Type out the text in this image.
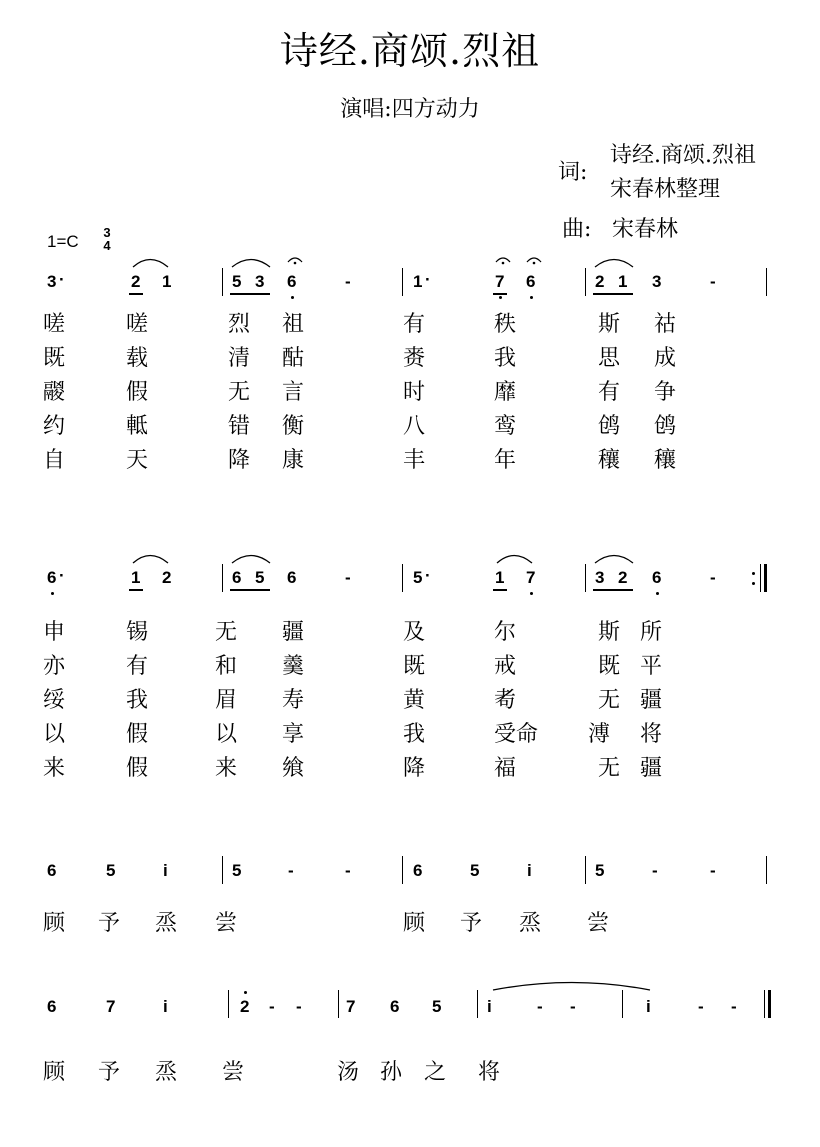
诗经.商颂.烈祖
演唱:四方动力
词:
诗经.商颂.烈祖
宋春林整理
曲: 宋春林
1=C 3
4
3 ·	2 1	5 3 6	-	1 ·	7 6	2 1 3	-
嗟	嗟	烈 祖	有	秩	斯 祜
既	载	清 酤	赉	我	思 成
鬷	假	无 言	时	靡	有 争
约	軧	错 衡	八	鸾	鸧 鸧
自	天	降 康	丰	年	穰 穰
6 ·	1 2	6 5 6	-	5 ·	1 7	3 2 6	-
申	锡	无 疆	及	尔	斯 所
亦	有	和 羹	既	戒	既 平
绥	我	眉 寿	黄	耇	无 疆
以	假	以 享	我	受命 溥 将
来	假	来 飨	降	福	无 疆
6	5	i	5	-	-	6	5	i	5	-	-
顾 予 烝 尝	顾 予 烝 尝
6	7	i	2 - -	7 6 5	i	- -	i	- -
顾 予 烝 尝	汤 孙 之 将
